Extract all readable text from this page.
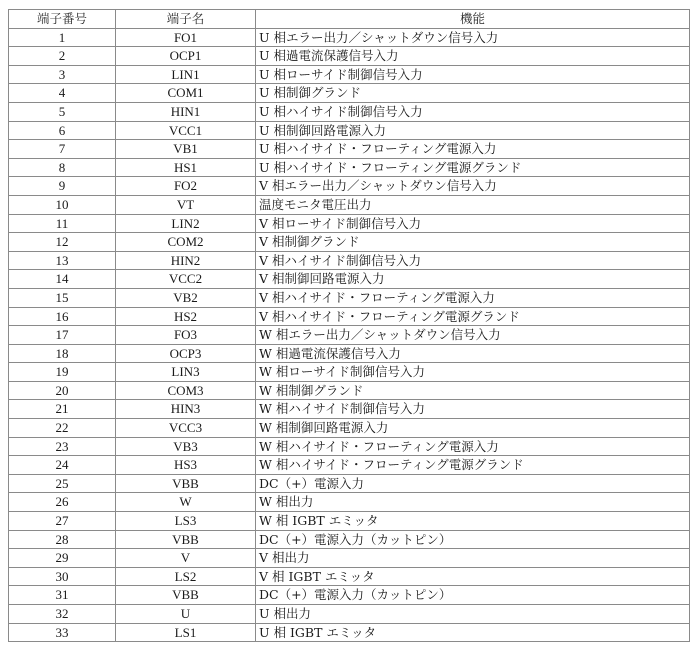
端子番号	端子名	機能
1	FO1	U 相エラー出力／シャットダウン信号入力
2	OCP1	U 相過電流保護信号入力
3	LIN1	U 相ローサイド制御信号入力
4	COM1	U 相制御グランド
5	HIN1	U 相ハイサイド制御信号入力
6	VCC1	U 相制御回路電源入力
7	VB1	U 相ハイサイド・フローティング電源入力
8	HS1	U 相ハイサイド・フローティング電源グランド
9	FO2	V 相エラー出力／シャットダウン信号入力
10	VT	温度モニタ電圧出力
11	LIN2	V 相ローサイド制御信号入力
12	COM2	V 相制御グランド
13	HIN2	V 相ハイサイド制御信号入力
14	VCC2	V 相制御回路電源入力
15	VB2	V 相ハイサイド・フローティング電源入力
16	HS2	V 相ハイサイド・フローティング電源グランド
17	FO3	W 相エラー出力／シャットダウン信号入力
18	OCP3	W 相過電流保護信号入力
19	LIN3	W 相ローサイド制御信号入力
20	COM3	W 相制御グランド
21	HIN3	W 相ハイサイド制御信号入力
22	VCC3	W 相制御回路電源入力
23	VB3	W 相ハイサイド・フローティング電源入力
24	HS3	W 相ハイサイド・フローティング電源グランド
25	VBB	DC（+）電源入力
26	W	W 相出力
27	LS3	W 相 IGBT エミッタ
28	VBB	DC（+）電源入力（カットピン）
29	V	V 相出力
30	LS2	V 相 IGBT エミッタ
31	VBB	DC（+）電源入力（カットピン）
32	U	U 相出力
33	LS1	U 相 IGBT エミッタ
